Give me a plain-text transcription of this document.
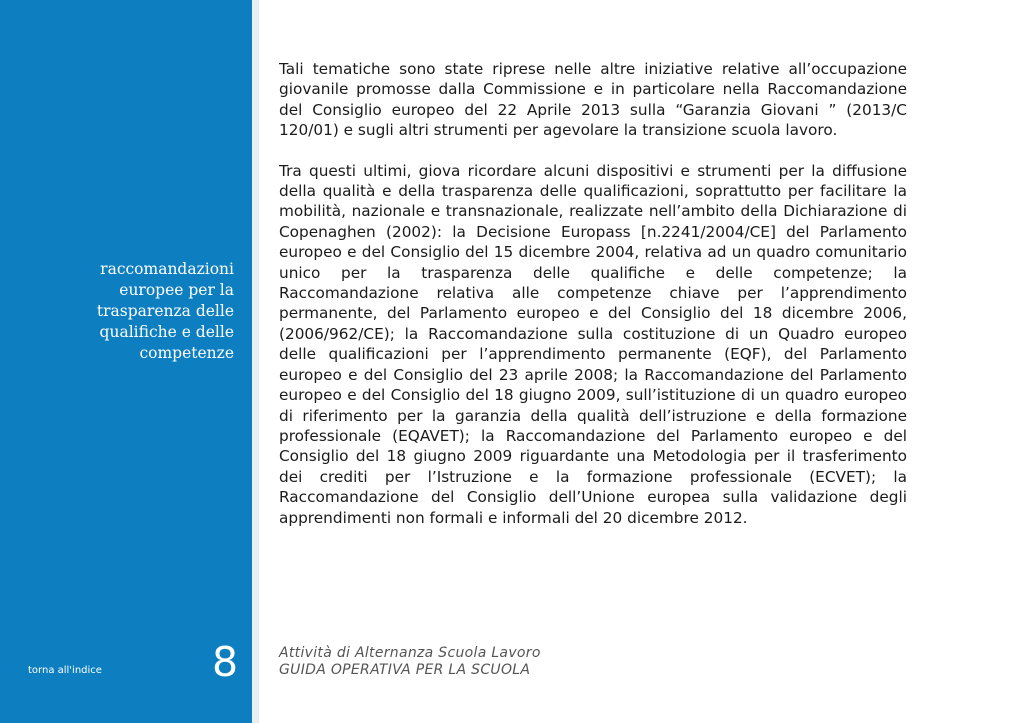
raccomandazioni
europee per la
trasparenza delle
qualifiche e delle
competenze
torna all'indice	8

Tali tematiche sono state riprese nelle altre iniziative relative all’occupazione giovanile promosse dalla Commissione e in particolare nella Raccomandazione del Consiglio europeo del 22 Aprile 2013 sulla “Garanzia Giovani ” (2013/C 120/01) e sugli altri strumenti per agevolare la transizione scuola lavoro.

Tra questi ultimi, giova ricordare alcuni dispositivi e strumenti per la diffusione della qualità e della trasparenza delle qualificazioni, soprattutto per facilitare la mobilità, nazionale e transnazionale, realizzate nell’ambito della Dichiarazione di Copenaghen (2002): la Decisione Europass [n.2241/2004/CE] del Parlamento europeo e del Consiglio del 15 dicembre 2004, relativa ad un quadro comunitario unico per la trasparenza delle qualifiche e delle competenze; la Raccomandazione relativa alle competenze chiave per l’apprendimento permanente, del Parlamento europeo e del Consiglio del 18 dicembre 2006, (2006/962/CE); la Raccomandazione sulla costituzione di un Quadro europeo delle qualificazioni per l’apprendimento permanente (EQF), del Parlamento europeo e del Consiglio del 23 aprile 2008; la Raccomandazione del Parlamento europeo e del Consiglio del 18 giugno 2009, sull’istituzione di un quadro europeo di riferimento per la garanzia della qualità dell’istruzione e della formazione professionale (EQAVET); la Raccomandazione del Parlamento europeo e del Consiglio del 18 giugno 2009 riguardante una Metodologia per il trasferimento dei crediti per l’Istruzione e la formazione professionale (ECVET); la Raccomandazione del Consiglio dell’Unione europea sulla validazione degli apprendimenti non formali e informali del 20 dicembre 2012.

Attività di Alternanza Scuola Lavoro
GUIDA OPERATIVA PER LA SCUOLA
